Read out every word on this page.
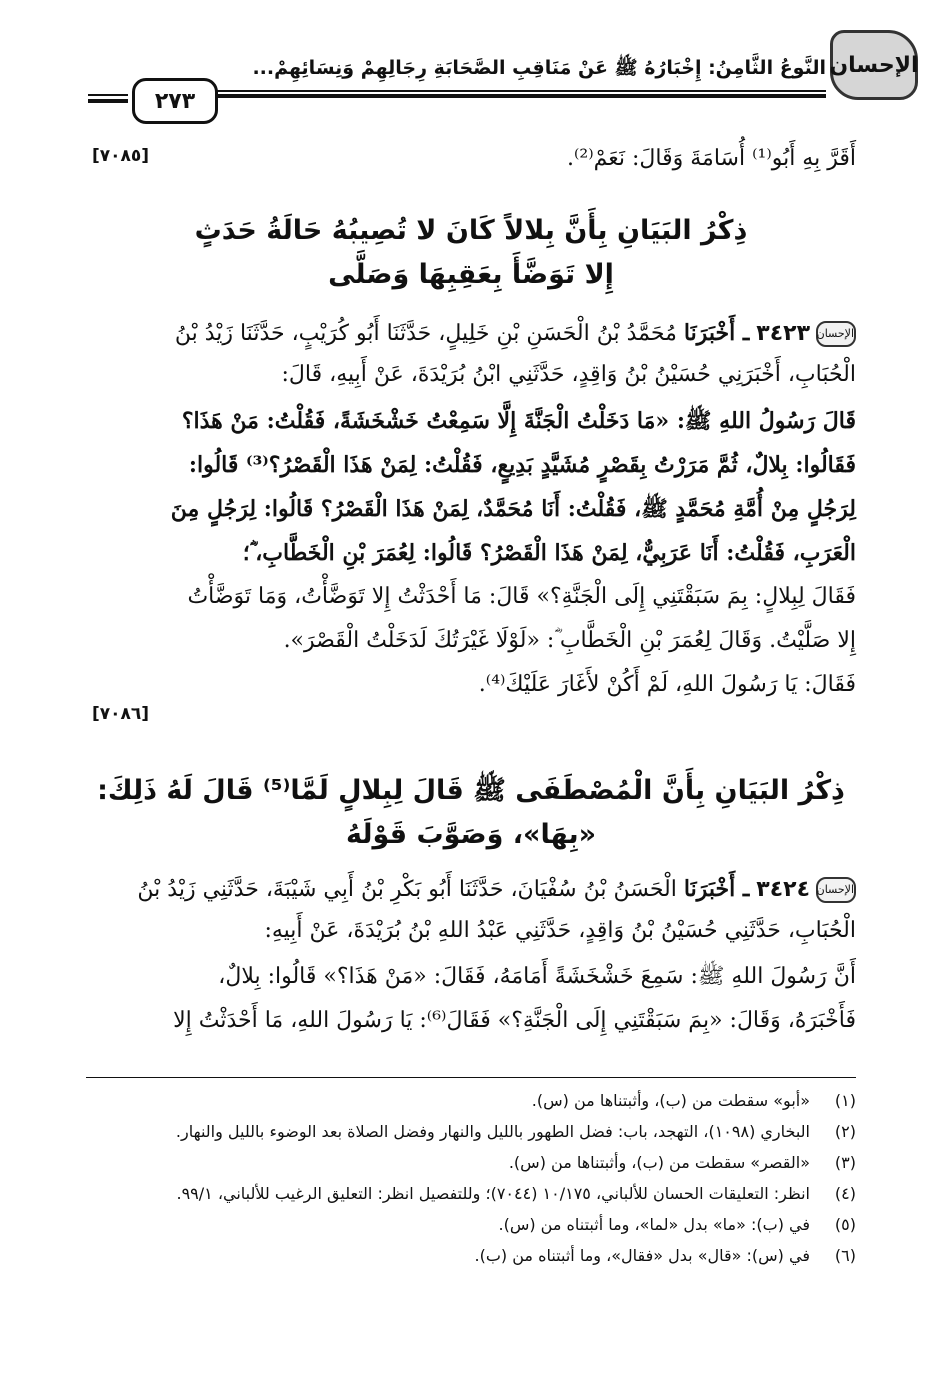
الإحسان
النَّوعُ الثَّامِنُ: إِخْبَارُهُ ﷺ عَنْ مَنَاقِبِ الصَّحَابَةِ رِجَالِهِمْ وَنِسَائِهِمْ...
٢٧٣
أَقَرَّ بِهِ أَبُو⁽¹⁾ أُسَامَةَ وَقَالَ: نَعَمْ⁽²⁾.
[٧٠٨٥]
ذِكْرُ البَيَانِ بِأَنَّ بِلالاً كَانَ لا تُصِيبُهُ حَالَةُ حَدَثٍ
إِلا تَوَضَّأَ بِعَقِبِهَا وَصَلَّى
الإحسان٣٤٢٣ ـ أَخْبَرَنَا مُحَمَّدُ بْنُ الْحَسَنِ بْنِ خَلِيلٍ، حَدَّثَنَا أَبُو كُرَيْبٍ، حَدَّثَنَا زَيْدُ بْنُ
الْحُبَابِ، أَخْبَرَنِي حُسَيْنُ بْنُ وَاقِدٍ، حَدَّثَنِي ابْنُ بُرَيْدَةَ، عَنْ أَبِيهِ، قَالَ:
قَالَ رَسُولُ اللهِ ﷺ: «مَا دَخَلْتُ الْجَنَّةَ إِلَّا سَمِعْتُ خَشْخَشَةً، فَقُلْتُ: مَنْ هَذَا؟
فَقَالُوا: بِلالٌ، ثُمَّ مَرَرْتُ بِقَصْرٍ مُشَيَّدٍ بَدِيعٍ، فَقُلْتُ: لِمَنْ هَذَا الْقَصْرُ؟⁽³⁾ قَالُوا:
لِرَجُلٍ مِنْ أُمَّةِ مُحَمَّدٍ ﷺ، فَقُلْتُ: أَنَا مُحَمَّدٌ، لِمَنْ هَذَا الْقَصْرُ؟ قَالُوا: لِرَجُلٍ مِنَ
الْعَرَبِ، فَقُلْتُ: أَنَا عَرَبِيٌّ، لِمَنْ هَذَا الْقَصْرُ؟ قَالُوا: لِعُمَرَ بْنِ الْخَطَّابِ، ؓ؛
فَقَالَ لِبِلالٍ: بِمَ سَبَقْتَنِي إِلَى الْجَنَّةِ؟» قَالَ: مَا أَحْدَثْتُ إِلا تَوَضَّأْتُ، وَمَا تَوَضَّأْتُ
إِلا صَلَّيْتُ. وَقَالَ لِعُمَرَ بْنِ الْخَطَّابِ ؓ: «لَوْلَا غَيْرَتُكَ لَدَخَلْتُ الْقَصْرَ».
فَقَالَ: يَا رَسُولَ اللهِ، لَمْ أَكُنْ لأَغَارَ عَلَيْكَ⁽⁴⁾.
[٧٠٨٦]
ذِكْرُ البَيَانِ بِأَنَّ الْمُصْطَفَى ﷺ قَالَ لِبِلالٍ لَمَّا⁽⁵⁾ قَالَ لَهُ ذَلِكَ:
«بِهَا»، وَصَوَّبَ قَوْلَهُ
الإحسان٣٤٢٤ ـ أَخْبَرَنَا الْحَسَنُ بْنُ سُفْيَانَ، حَدَّثَنَا أَبُو بَكْرِ بْنُ أَبِي شَيْبَةَ، حَدَّثَنِي زَيْدُ بْنُ
الْحُبَابِ، حَدَّثَنِي حُسَيْنُ بْنُ وَاقِدٍ، حَدَّثَنِي عَبْدُ اللهِ بْنُ بُرَيْدَةَ، عَنْ أَبِيهِ:
أَنَّ رَسُولَ اللهِ ﷺ: سَمِعَ خَشْخَشَةً أَمَامَهُ، فَقَالَ: «مَنْ هَذَا؟» قَالُوا: بِلالٌ،
فَأَخْبَرَهُ، وَقَالَ: «بِمَ سَبَقْتَنِي إِلَى الْجَنَّةِ؟» فَقَالَ⁽⁶⁾: يَا رَسُولَ اللهِ، مَا أَحْدَثْتُ إِلا
(١)
«أبو» سقطت من (ب)، وأثبتناها من (س).
(٢)
البخاري (١٠٩٨)، التهجد، باب: فضل الطهور بالليل والنهار وفضل الصلاة بعد الوضوء بالليل والنهار.
(٣)
«القصر» سقطت من (ب)، وأثبتناها من (س).
(٤)
انظر: التعليقات الحسان للألباني، ١٠/١٧٥ (٧٠٤٤)؛ وللتفصيل انظر: التعليق الرغيب للألباني، ٩٩/١.
(٥)
في (ب): «ما» بدل «لما»، وما أثبتناه من (س).
(٦)
في (س): «قال» بدل «فقال»، وما أثبتناه من (ب).
